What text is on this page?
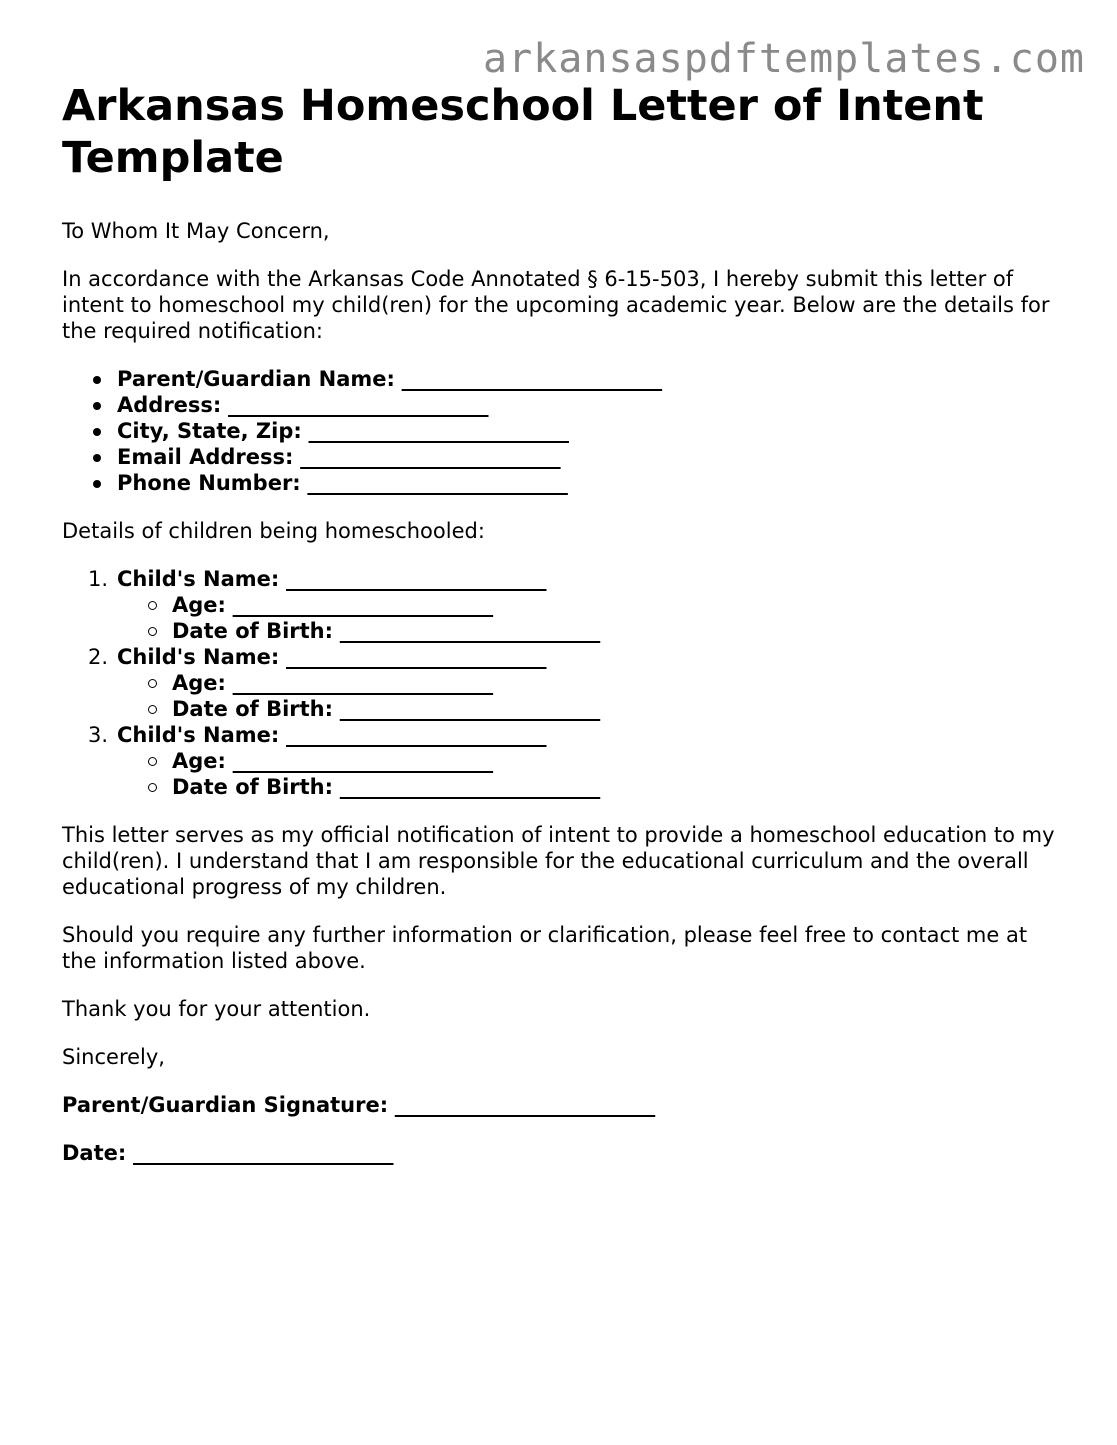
arkansaspdftemplates.com
Arkansas Homeschool Letter of Intent Template

To Whom It May Concern,

In accordance with the Arkansas Code Annotated § 6-15-503, I hereby submit this letter of intent to homeschool my child(ren) for the upcoming academic year. Below are the details for the required notification:

Parent/Guardian Name: __________________________
Address: __________________________
City, State, Zip: __________________________
Email Address: __________________________
Phone Number: __________________________

Details of children being homeschooled:

1. Child's Name: __________________________
Age: __________________________
Date of Birth: __________________________
2. Child's Name: __________________________
Age: __________________________
Date of Birth: __________________________
3. Child's Name: __________________________
Age: __________________________
Date of Birth: __________________________

This letter serves as my official notification of intent to provide a homeschool education to my child(ren). I understand that I am responsible for the educational curriculum and the overall educational progress of my children.

Should you require any further information or clarification, please feel free to contact me at the information listed above.

Thank you for your attention.

Sincerely,

Parent/Guardian Signature: __________________________
Date: __________________________
